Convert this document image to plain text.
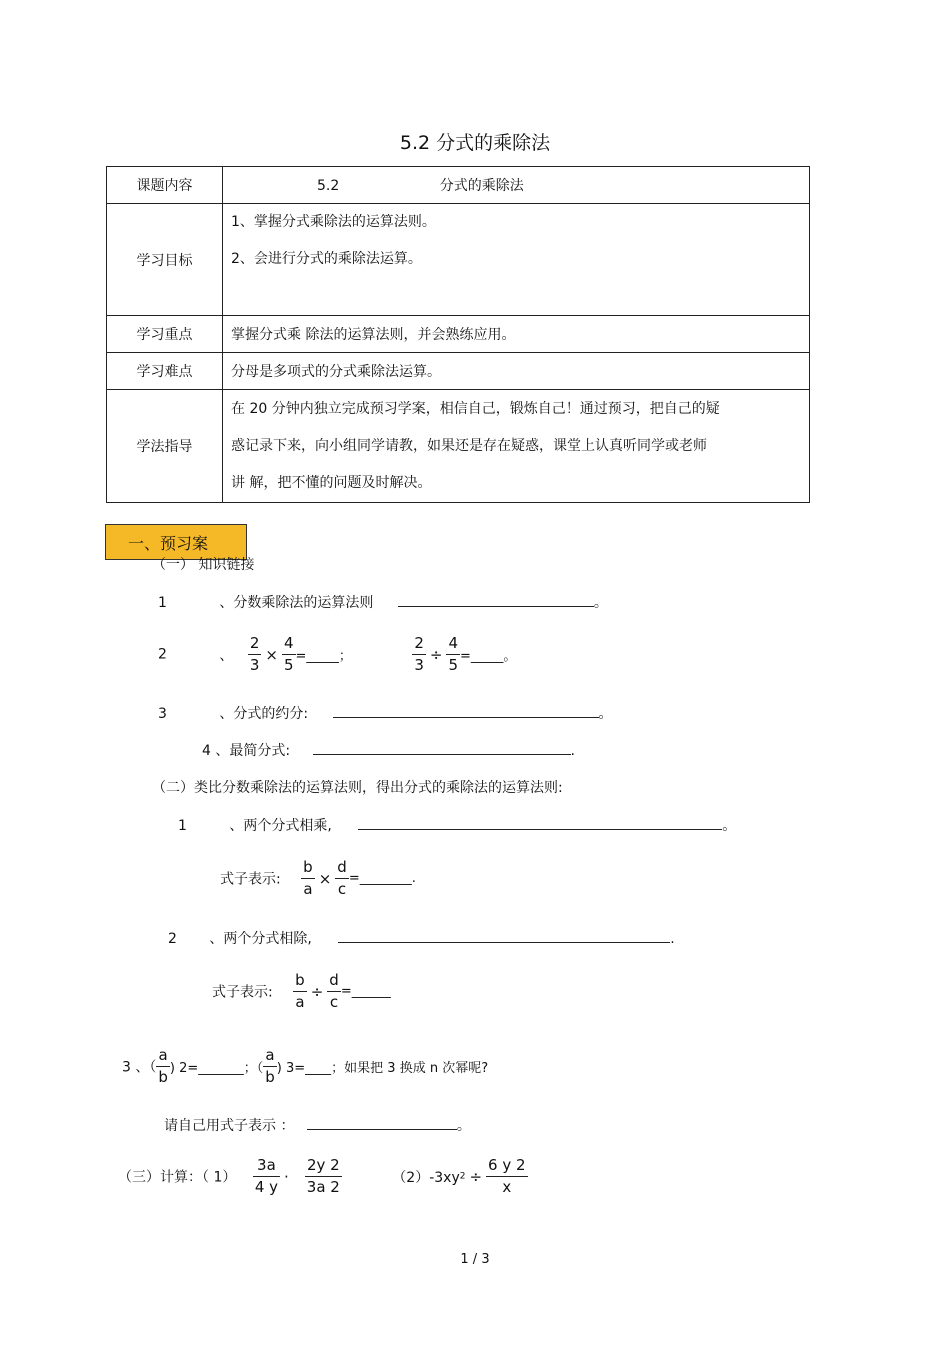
5.2 分式的乘除法
课题内容	5.2 分式的乘除法
学习目标	1、掌握分式乘除法的运算法则。
2、会进行分式的乘除法运算。

学习重点	掌握分式乘 除法的运算法则，并会熟练应用。
学习难点	分母是多项式的分式乘除法运算。
学法指导	在 20 分钟内独立完成预习学案，相信自己，锻炼自己！通过预习，把自己的疑
惑记录下来，向小组同学请教，如果还是存在疑惑，课堂上认真听同学或老师
讲 解，把不懂的问题及时解决。
一、预习案
（一） 知识链接
1	、分数乘除法的运算法则	。
2	、 $\frac{2}{3} \times \frac{4}{5}$ =_____；	$\frac{2}{3} \div \frac{4}{5}$ =_____。
3	、分式的约分:	。
4 、最简分式:	.
（二）类比分数乘除法的运算法则，得出分式的乘除法的运算法则:
1	、两个分式相乘,	。
式子表示: $\frac{b}{a} \times \frac{d}{c}$ =________.
2 、两个分式相除,	.
式子表示: $\frac{b}{a} \div \frac{d}{c}$ =______
3 、（ $\frac{a}{b}$ ) 2=_______；（ $\frac{a}{b}$ ) 3=____；如果把 3 换成 n 次幂呢?
请自己用式子表示 ：	。
（三）计算：（ $1) \frac{3a}{4 y} \cdot \frac{2y 2}{3a 2}$	$(2)-3xy2 \div \frac{6 y 2}{x}$
1 / 3
